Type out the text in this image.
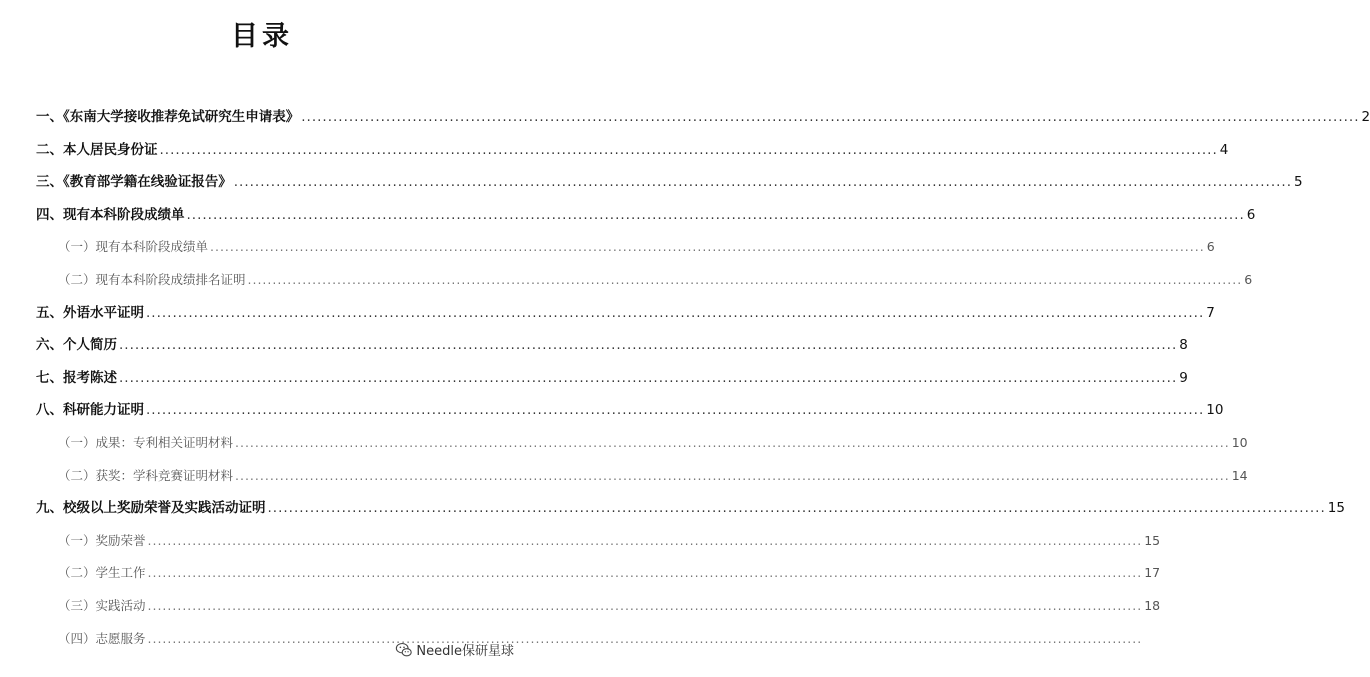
目录
一、《东南大学接收推荐免试研究生申请表》 ........................................................................................................................................................................................................ 2
二、本人居民身份证 ........................................................................................................................................................................................................ 4
三、《教育部学籍在线验证报告》 ........................................................................................................................................................................................................ 5
四、现有本科阶段成绩单 ........................................................................................................................................................................................................ 6
（一）现有本科阶段成绩单 ........................................................................................................................................................................................................ 6
（二）现有本科阶段成绩排名证明 ........................................................................................................................................................................................................ 6
五、外语水平证明 ........................................................................................................................................................................................................ 7
六、个人简历 ........................................................................................................................................................................................................ 8
七、报考陈述 ........................................................................................................................................................................................................ 9
八、科研能力证明 ........................................................................................................................................................................................................ 10
（一）成果：专利相关证明材料 ........................................................................................................................................................................................................ 10
（二）获奖：学科竞赛证明材料 ........................................................................................................................................................................................................ 14
九、校级以上奖励荣誉及实践活动证明 ........................................................................................................................................................................................................ 15
（一）奖励荣誉 ........................................................................................................................................................................................................ 15
（二）学生工作 ........................................................................................................................................................................................................ 17
（三）实践活动 ........................................................................................................................................................................................................ 18
（四）志愿服务 ........................................................................................................................................................................................................
Needle保研星球
